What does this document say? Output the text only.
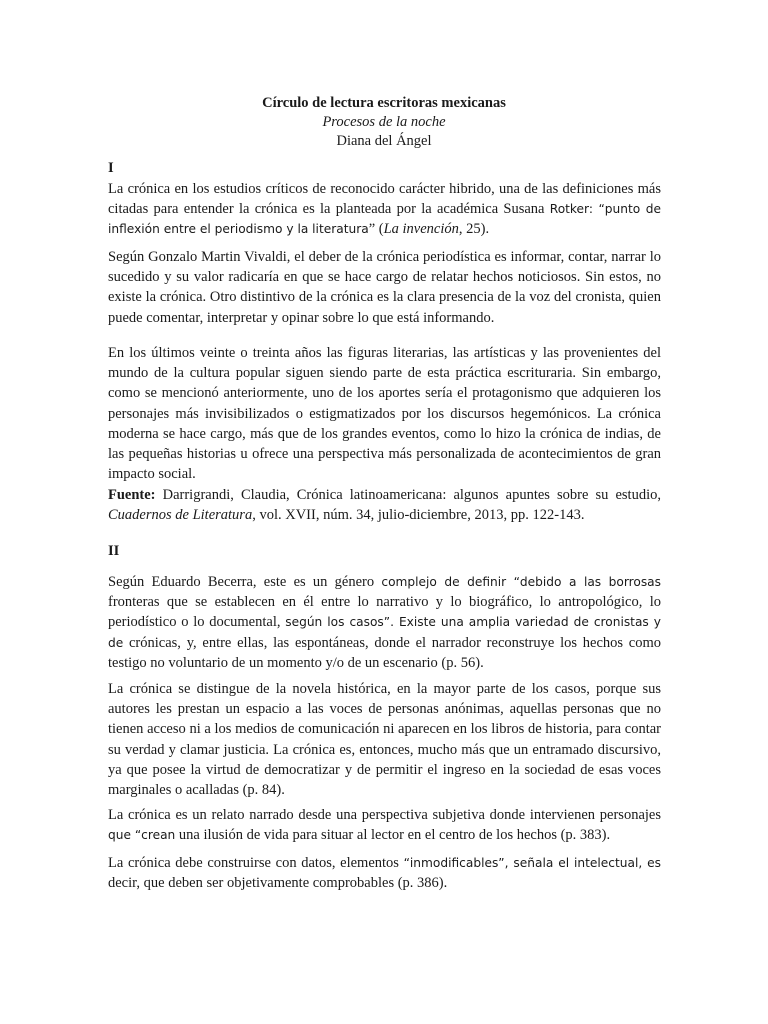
Círculo de lectura escritoras mexicanas
Procesos de la noche
Diana del Ángel
I

La crónica en los estudios críticos de reconocido carácter hibrido, una de las definiciones más citadas para entender la crónica es la planteada por la académica Susana Rotker: “punto de inflexión entre el periodismo y la literatura” (La invención, 25).

Según Gonzalo Martin Vivaldi, el deber de la crónica periodística es informar, contar, narrar lo sucedido y su valor radicaría en que se hace cargo de relatar hechos noticiosos. Sin estos, no existe la crónica. Otro distintivo de la crónica es la clara presencia de la voz del cronista, quien puede comentar, interpretar y opinar sobre lo que está informando.

En los últimos veinte o treinta años las figuras literarias, las artísticas y las provenientes del mundo de la cultura popular siguen siendo parte de esta práctica escrituraria. Sin embargo, como se mencionó anteriormente, uno de los aportes sería el protagonismo que adquieren los personajes más invisibilizados o estigmatizados por los discursos hegemónicos. La crónica moderna se hace cargo, más que de los grandes eventos, como lo hizo la crónica de indias, de las pequeñas historias u ofrece una perspectiva más personalizada de acontecimientos de gran impacto social.

Fuente: Darrigrandi, Claudia, Crónica latinoamericana: algunos apuntes sobre su estudio, Cuadernos de Literatura, vol. XVII, núm. 34, julio-diciembre, 2013, pp. 122-143.

II

Según Eduardo Becerra, este es un género complejo de definir “debido a las borrosas fronteras que se establecen en él entre lo narrativo y lo biográfico, lo antropológico, lo periodístico o lo documental, según los casos”. Existe una amplia variedad de cronistas y de crónicas, y, entre ellas, las espontáneas, donde el narrador reconstruye los hechos como testigo no voluntario de un momento y/o de un escenario (p. 56).

La crónica se distingue de la novela histórica, en la mayor parte de los casos, porque sus autores les prestan un espacio a las voces de personas anónimas, aquellas personas que no tienen acceso ni a los medios de comunicación ni aparecen en los libros de historia, para contar su verdad y clamar justicia. La crónica es, entonces, mucho más que un entramado discursivo, ya que posee la virtud de democratizar y de permitir el ingreso en la sociedad de esas voces marginales o acalladas (p. 84).

La crónica es un relato narrado desde una perspectiva subjetiva donde intervienen personajes que “crean una ilusión de vida para situar al lector en el centro de los hechos (p. 383).

La crónica debe construirse con datos, elementos “inmodificables”, señala el intelectual, es decir, que deben ser objetivamente comprobables (p. 386).
